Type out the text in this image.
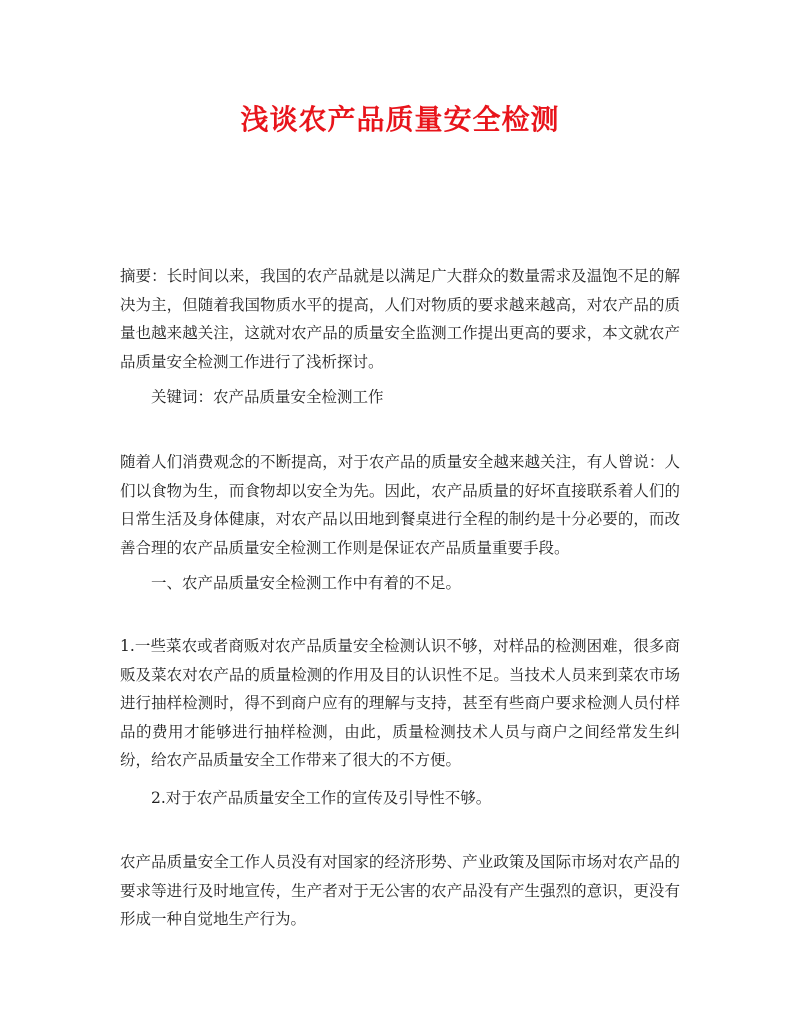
浅谈农产品质量安全检测

摘要：长时间以来，我国的农产品就是以满足广大群众的数量需求及温饱不足的解决为主，但随着我国物质水平的提高，人们对物质的要求越来越高，对农产品的质量也越来越关注，这就对农产品的质量安全监测工作提出更高的要求，本文就农产品质量安全检测工作进行了浅析探讨。

关键词：农产品质量安全检测工作

随着人们消费观念的不断提高，对于农产品的质量安全越来越关注，有人曾说：人们以食物为生，而食物却以安全为先。因此，农产品质量的好坏直接联系着人们的日常生活及身体健康，对农产品以田地到餐桌进行全程的制约是十分必要的，而改善合理的农产品质量安全检测工作则是保证农产品质量重要手段。

一、农产品质量安全检测工作中有着的不足。

1.一些菜农或者商贩对农产品质量安全检测认识不够，对样品的检测困难，很多商贩及菜农对农产品的质量检测的作用及目的认识性不足。当技术人员来到菜农市场进行抽样检测时，得不到商户应有的理解与支持，甚至有些商户要求检测人员付样品的费用才能够进行抽样检测，由此，质量检测技术人员与商户之间经常发生纠纷，给农产品质量安全工作带来了很大的不方便。

2.对于农产品质量安全工作的宣传及引导性不够。

农产品质量安全工作人员没有对国家的经济形势、产业政策及国际市场对农产品的要求等进行及时地宣传，生产者对于无公害的农产品没有产生强烈的意识，更没有形成一种自觉地生产行为。
